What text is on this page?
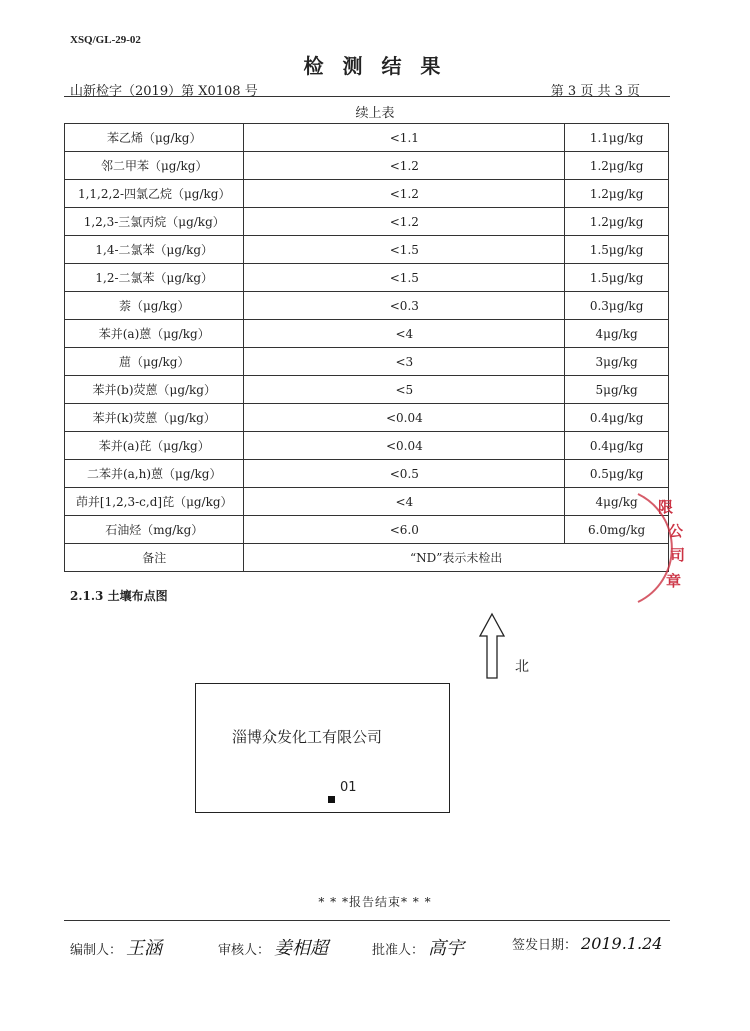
XSQ/GL-29-02
检 测 结 果
山新检字（2019）第 X0108 号	第 3 页 共 3 页
续上表
苯乙烯（μg/kg）	<1.1	1.1μg/kg
邻二甲苯（μg/kg）	<1.2	1.2μg/kg
1,1,2,2-四氯乙烷（μg/kg）	<1.2	1.2μg/kg
1,2,3-三氯丙烷（μg/kg）	<1.2	1.2μg/kg
1,4-二氯苯（μg/kg）	<1.5	1.5μg/kg
1,2-二氯苯（μg/kg）	<1.5	1.5μg/kg
萘（μg/kg）	<0.3	0.3μg/kg
苯并(a)蒽（μg/kg）	<4	4μg/kg
䓛（μg/kg）	<3	3μg/kg
苯并(b)荧蒽（μg/kg）	<5	5μg/kg
苯并(k)荧蒽（μg/kg）	<0.04	0.4μg/kg
苯并(a)芘（μg/kg）	<0.04	0.4μg/kg
二苯并(a,h)蒽（μg/kg）	<0.5	0.5μg/kg
茚并[1,2,3-c,d]芘（μg/kg）	<4	4μg/kg
石油烃（mg/kg）	<6.0	6.0mg/kg
备注	“ND”表示未检出	
2.1.3 土壤布点图
北
淄博众发化工有限公司
01
限
公
司
章
* * *报告结束* * *
编制人： 王涵	审核人： 姜相超	批准人： 高宇	签发日期： 2019.1.24
